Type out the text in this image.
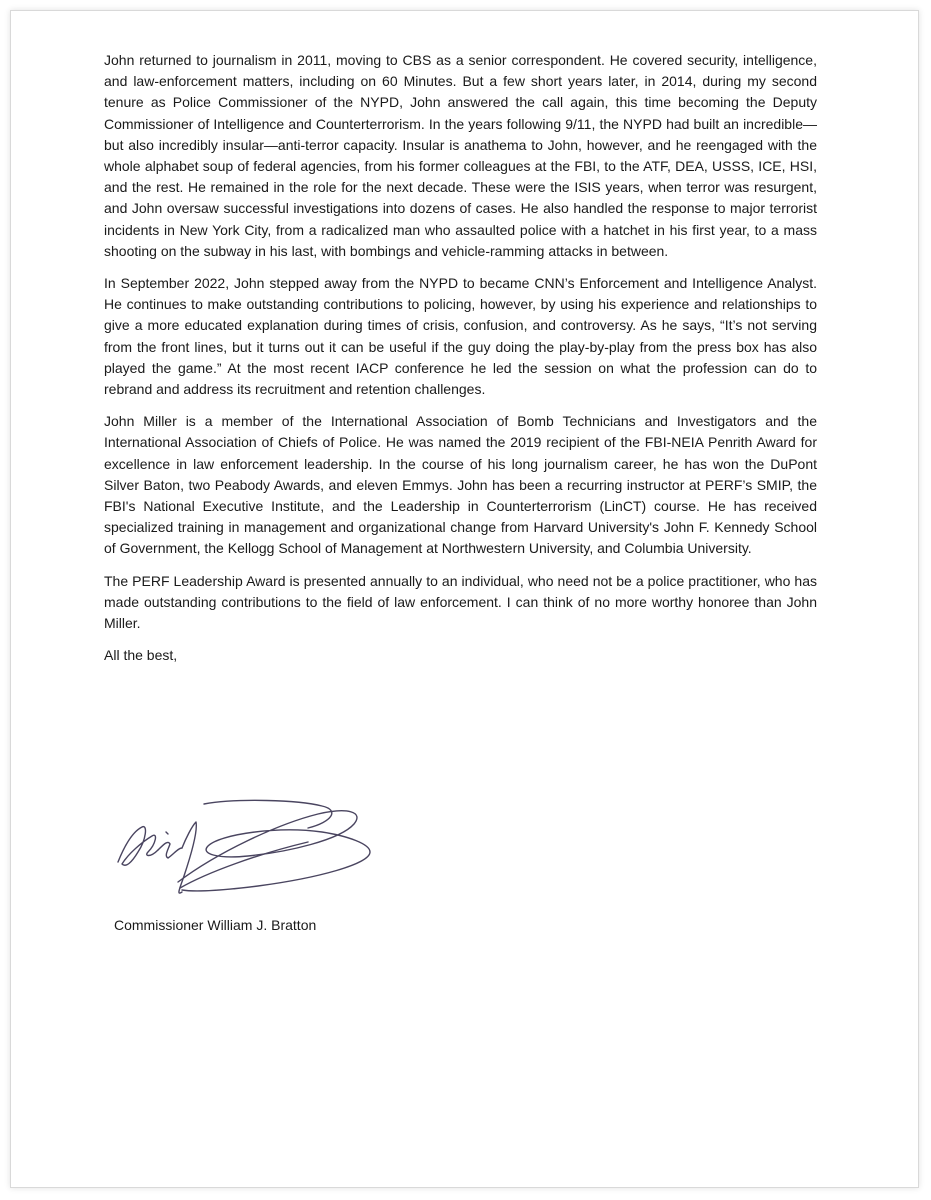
John returned to journalism in 2011, moving to CBS as a senior correspondent. He covered security, intelligence, and law-enforcement matters, including on 60 Minutes. But a few short years later, in 2014, during my second tenure as Police Commissioner of the NYPD, John answered the call again, this time becoming the Deputy Commissioner of Intelligence and Counterterrorism. In the years following 9/11, the NYPD had built an incredible—but also incredibly insular—anti-terror capacity. Insular is anathema to John, however, and he reengaged with the whole alphabet soup of federal agencies, from his former colleagues at the FBI, to the ATF, DEA, USSS, ICE, HSI, and the rest. He remained in the role for the next decade. These were the ISIS years, when terror was resurgent, and John oversaw successful investigations into dozens of cases. He also handled the response to major terrorist incidents in New York City, from a radicalized man who assaulted police with a hatchet in his first year, to a mass shooting on the subway in his last, with bombings and vehicle-ramming attacks in between.

In September 2022, John stepped away from the NYPD to became CNN’s Enforcement and Intelligence Analyst. He continues to make outstanding contributions to policing, however, by using his experience and relationships to give a more educated explanation during times of crisis, confusion, and controversy. As he says, “It’s not serving from the front lines, but it turns out it can be useful if the guy doing the play-by-play from the press box has also played the game.” At the most recent IACP conference he led the session on what the profession can do to rebrand and address its recruitment and retention challenges.

John Miller is a member of the International Association of Bomb Technicians and Investigators and the International Association of Chiefs of Police. He was named the 2019 recipient of the FBI-NEIA Penrith Award for excellence in law enforcement leadership. In the course of his long journalism career, he has won the DuPont Silver Baton, two Peabody Awards, and eleven Emmys. John has been a recurring instructor at PERF’s SMIP, the FBI's National Executive Institute, and the Leadership in Counterterrorism (LinCT) course. He has received specialized training in management and organizational change from Harvard University's John F. Kennedy School of Government, the Kellogg School of Management at Northwestern University, and Columbia University.

The PERF Leadership Award is presented annually to an individual, who need not be a police practitioner, who has made outstanding contributions to the field of law enforcement. I can think of no more worthy honoree than John Miller.

All the best,

Commissioner William J. Bratton
